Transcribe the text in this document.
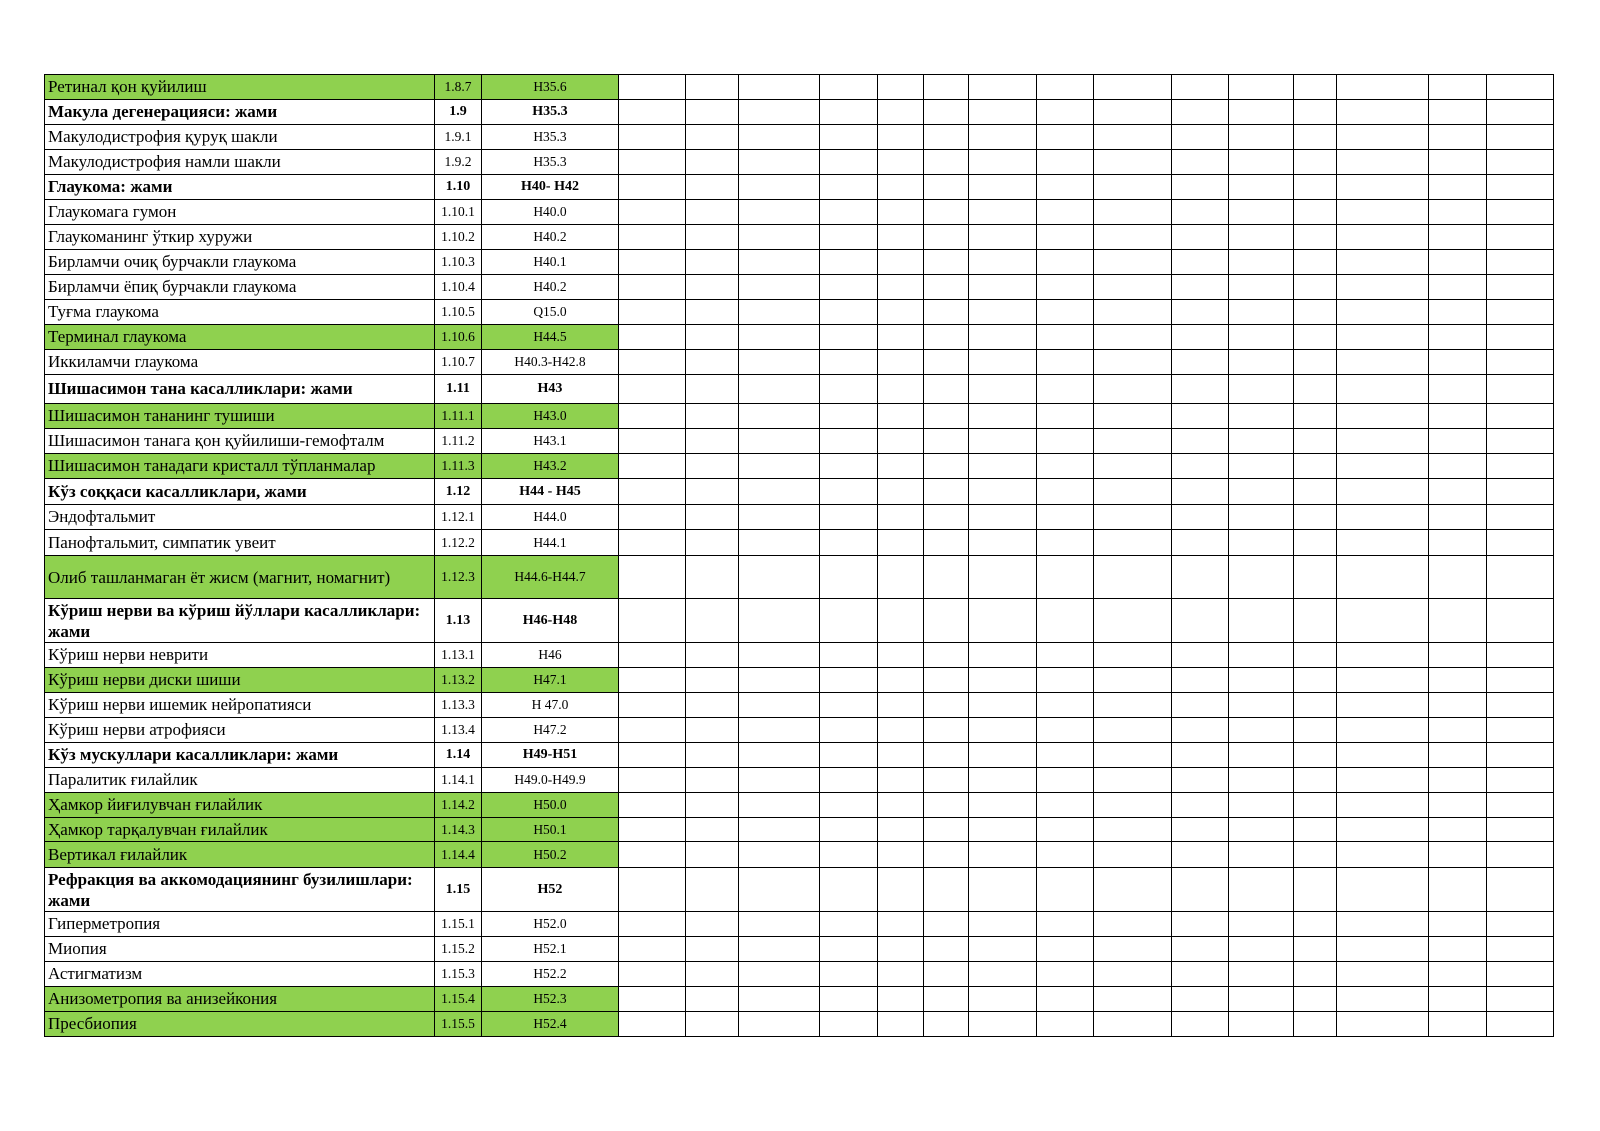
Ретинал қон қуйилиш	1.8.7	H35.6															
Макула дегенерацияси: жами	1.9	H35.3															
Макулодистрофия қуруқ шакли	1.9.1	H35.3															
Макулодистрофия намли шакли	1.9.2	H35.3															
Глаукома: жами	1.10	H40- H42															
Глаукомага гумон	1.10.1	H40.0															
Глаукоманинг ўткир хуружи	1.10.2	H40.2															
Бирламчи очиқ бурчакли глаукома	1.10.3	H40.1															
Бирламчи ёпиқ бурчакли глаукома	1.10.4	H40.2															
Туғма глаукома	1.10.5	Q15.0															
Терминал глаукома	1.10.6	H44.5															
Иккиламчи глаукома	1.10.7	H40.3-H42.8															
Шишасимон тана касалликлари: жами	1.11	H43															
Шишасимон тананинг тушиши	1.11.1	H43.0															
Шишасимон танага қон қуйилиши-гемофталм	1.11.2	H43.1															
Шишасимон танадаги кристалл тўпланмалар	1.11.3	H43.2															
Кўз соққаси касалликлари, жами	1.12	H44 - H45															
Эндофтальмит	1.12.1	H44.0															
Панофтальмит, симпатик увеит	1.12.2	H44.1															
Олиб ташланмаган ёт жисм (магнит, номагнит)	1.12.3	H44.6-H44.7															
Кўриш нерви ва кўриш йўллари касалликлари: жами	1.13	H46-H48															
Кўриш нерви неврити	1.13.1	H46															
Кўриш нерви диски шиши	1.13.2	H47.1															
Кўриш нерви ишемик нейропатияси	1.13.3	H 47.0															
Кўриш нерви атрофияси	1.13.4	H47.2															
Кўз мускуллари касалликлари: жами	1.14	H49-H51															
Паралитик ғилайлик	1.14.1	H49.0-H49.9															
Ҳамкор йиғилувчан ғилайлик	1.14.2	H50.0															
Ҳамкор тарқалувчан ғилайлик	1.14.3	H50.1															
Вертикал ғилайлик	1.14.4	H50.2															
Рефракция ва аккомодациянинг бузилишлари: жами	1.15	H52															
Гиперметропия	1.15.1	H52.0															
Миопия	1.15.2	H52.1															
Астигматизм	1.15.3	H52.2															
Анизометропия ва анизейкония	1.15.4	H52.3															
Пресбиопия	1.15.5	H52.4															
